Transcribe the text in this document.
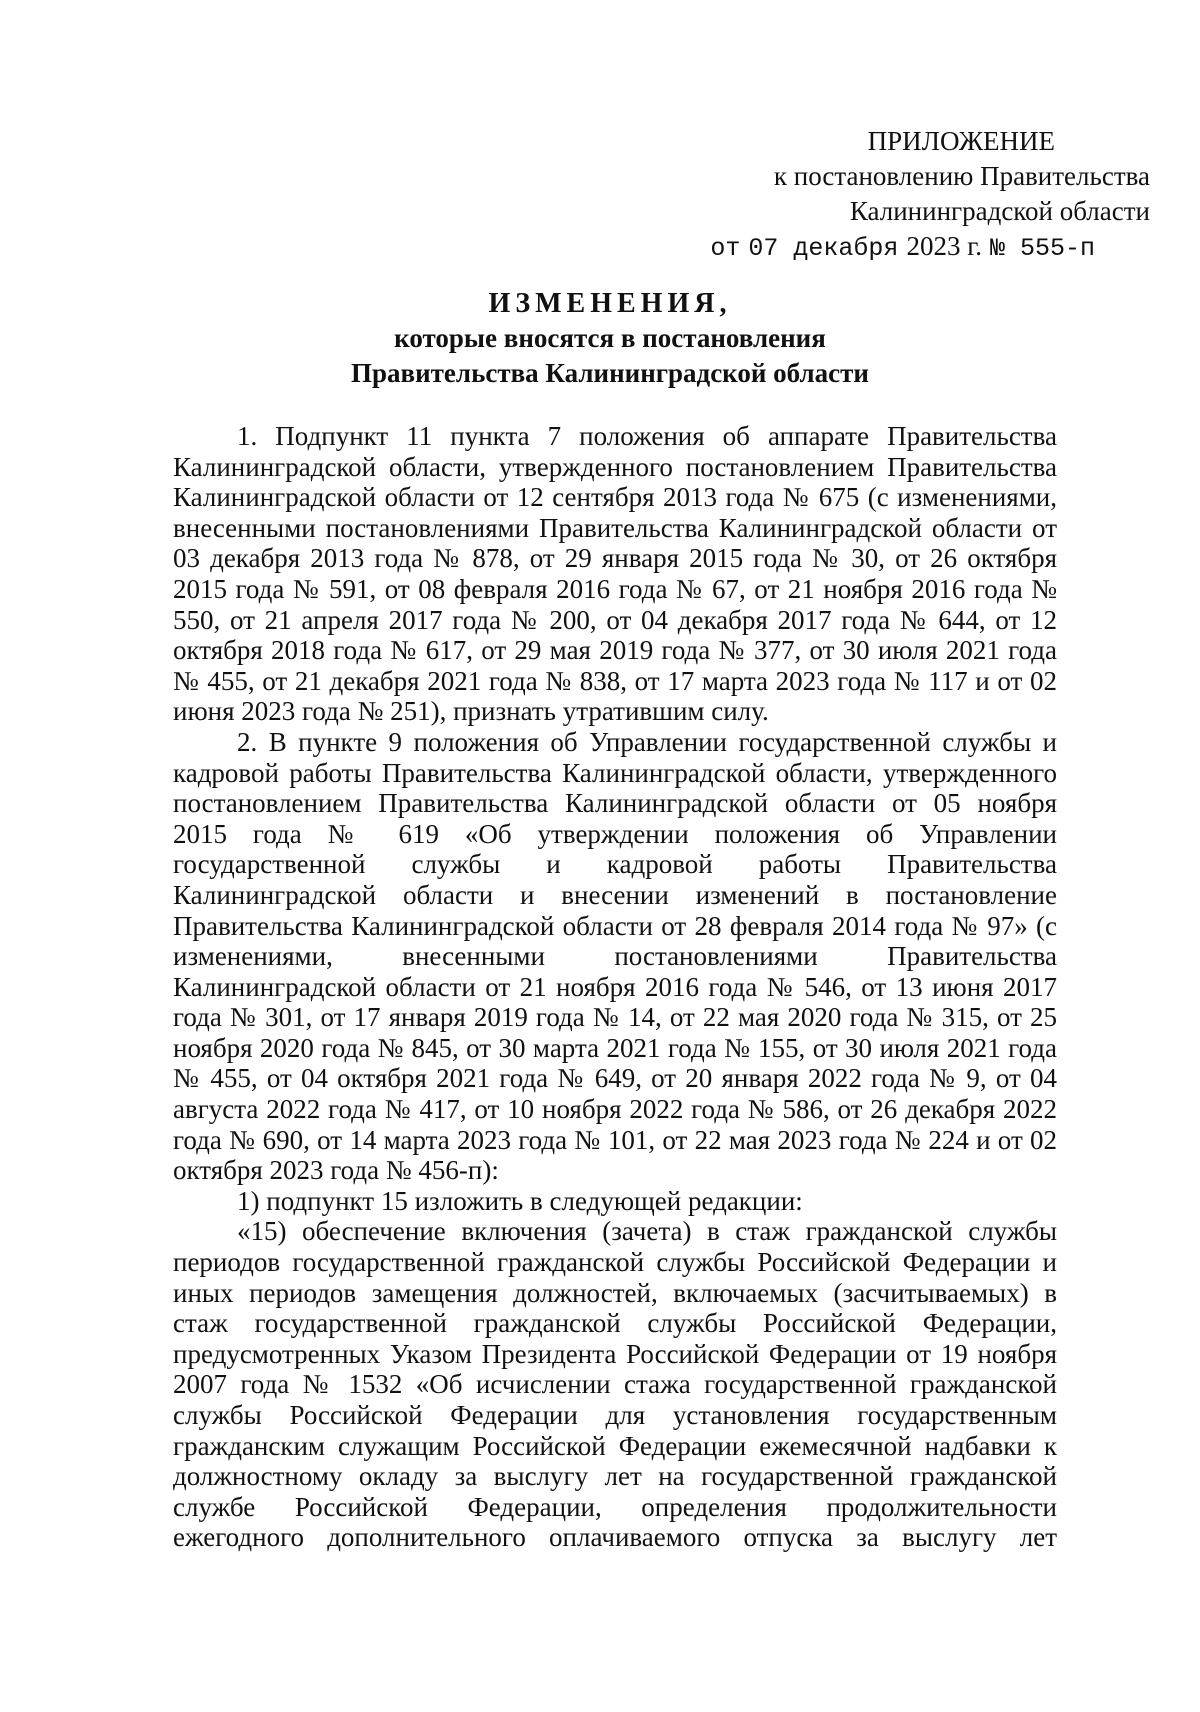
ПРИЛОЖЕНИЕ
к постановлению Правительства
Калининградской области
от 07 декабря 2023 г. № 555-п
ИЗМЕНЕНИЯ,
которые вносятся в постановления
Правительства Калининградской области

1. Подпункт 11 пункта 7 положения об аппарате Правительства Калининградской области, утвержденного постановлением Правительства Калининградской области от 12 сентября 2013 года № 675 (с изменениями, внесенными постановлениями Правительства Калининградской области от 03 декабря 2013 года № 878, от 29 января 2015 года № 30, от 26 октября 2015 года № 591, от 08 февраля 2016 года № 67, от 21 ноября 2016 года № 550, от 21 апреля 2017 года № 200, от 04 декабря 2017 года № 644, от 12 октября 2018 года № 617, от 29 мая 2019 года № 377, от 30 июля 2021 года № 455, от 21 декабря 2021 года № 838, от 17 марта 2023 года № 117 и от 02 июня 2023 года № 251), признать утратившим силу.

2. В пункте 9 положения об Управлении государственной службы и кадровой работы Правительства Калининградской области, утвержденного постановлением Правительства Калининградской области от 05 ноября 2015 года № 619 «Об утверждении положения об Управлении государственной службы и кадровой работы Правительства Калининградской области и внесении изменений в постановление Правительства Калининградской области от 28 февраля 2014 года № 97» (с изменениями, внесенными постановлениями Правительства Калининградской области от 21 ноября 2016 года № 546, от 13 июня 2017 года № 301, от 17 января 2019 года № 14, от 22 мая 2020 года № 315, от 25 ноября 2020 года № 845, от 30 марта 2021 года № 155, от 30 июля 2021 года № 455, от 04 октября 2021 года № 649, от 20 января 2022 года № 9, от 04 августа 2022 года № 417, от 10 ноября 2022 года № 586, от 26 декабря 2022 года № 690, от 14 марта 2023 года № 101, от 22 мая 2023 года № 224 и от 02 октября 2023 года № 456-п):

1) подпункт 15 изложить в следующей редакции:

«15) обеспечение включения (зачета) в стаж гражданской службы периодов государственной гражданской службы Российской Федерации и иных периодов замещения должностей, включаемых (засчитываемых) в стаж государственной гражданской службы Российской Федерации, предусмотренных Указом Президента Российской Федерации от 19 ноября 2007 года № 1532 «Об исчислении стажа государственной гражданской службы Российской Федерации для установления государственным гражданским служащим Российской Федерации ежемесячной надбавки к должностному окладу за выслугу лет на государственной гражданской службе Российской Федерации, определения продолжительности ежегодного дополнительного оплачиваемого отпуска за выслугу лет
